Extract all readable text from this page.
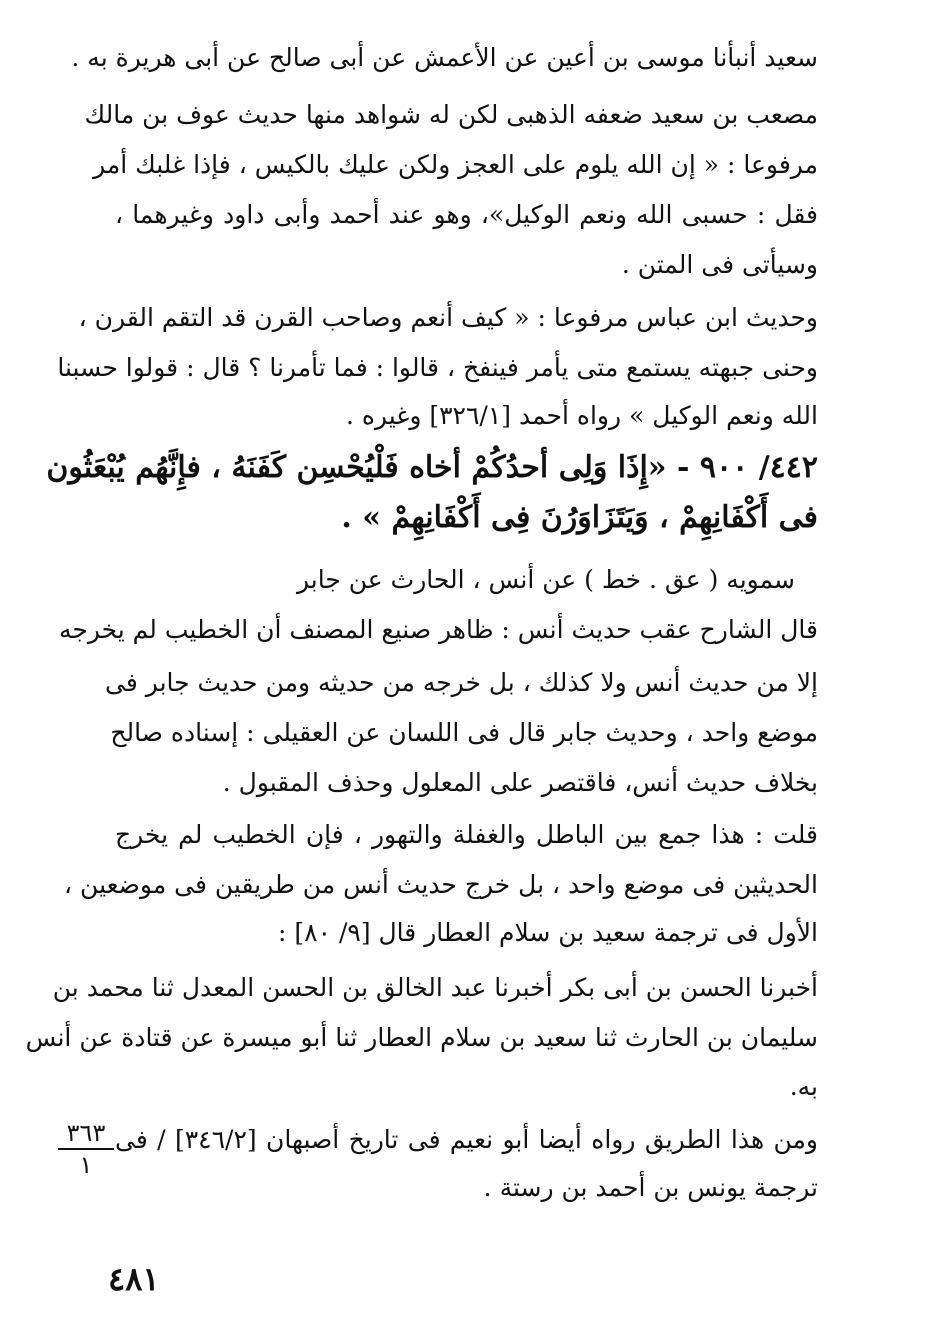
سعيد أنبأنا موسى بن أعين عن الأعمش عن أبى صالح عن أبى هريرة به .
مصعب بن سعيد ضعفه الذهبى لكن له شواهد منها حديث عوف بن مالك
مرفوعا : « إن الله يلوم على العجز ولكن عليك بالكيس ، فإذا غلبك أمر
فقل : حسبى الله ونعم الوكيل»، وهو عند أحمد وأبى داود وغيرهما ،
وسيأتى فى المتن .
وحديث ابن عباس مرفوعا : « كيف أنعم وصاحب القرن قد التقم القرن ،
وحنى جبهته يستمع متى يأمر فينفخ ، قالوا : فما تأمرنا ؟ قال : قولوا حسبنا
الله ونعم الوكيل » رواه أحمد [٣٢٦/١] وغيره .
٤٤٢/ ٩٠٠ - «إِذَا وَلِى أحدُكُمْ أخاه فَلْيُحْسِن كَفَنَهُ ، فإِنَّهُم يُبْعَثُون
فى أَكْفَانِهِمْ ، وَيَتَزَاوَرُنَ فِى أَكْفَانِهِمْ » .
سمويه ( عق . خط ) عن أنس ، الحارث عن جابر
قال الشارح عقب حديث أنس : ظاهر صنيع المصنف أن الخطيب لم يخرجه
إلا من حديث أنس ولا كذلك ، بل خرجه من حديثه ومن حديث جابر فى
موضع واحد ، وحديث جابر قال فى اللسان عن العقيلى : إسناده صالح
بخلاف حديث أنس، فاقتصر على المعلول وحذف المقبول .
قلت : هذا جمع بين الباطل والغفلة والتهور ، فإن الخطيب لم يخرج
الحديثين فى موضع واحد ، بل خرج حديث أنس من طريقين فى موضعين ،
الأول فى ترجمة سعيد بن سلام العطار قال [٩/ ٨٠] :
أخبرنا الحسن بن أبى بكر أخبرنا عبد الخالق بن الحسن المعدل ثنا محمد بن
سليمان بن الحارث ثنا سعيد بن سلام العطار ثنا أبو ميسرة عن قتادة عن أنس
به.
ومن هذا الطريق رواه أيضا أبو نعيم فى تاريخ أصبهان [٣٤٦/٢] / فى
ترجمة يونس بن أحمد بن رستة .
٣٦٣
١
٤٨١
